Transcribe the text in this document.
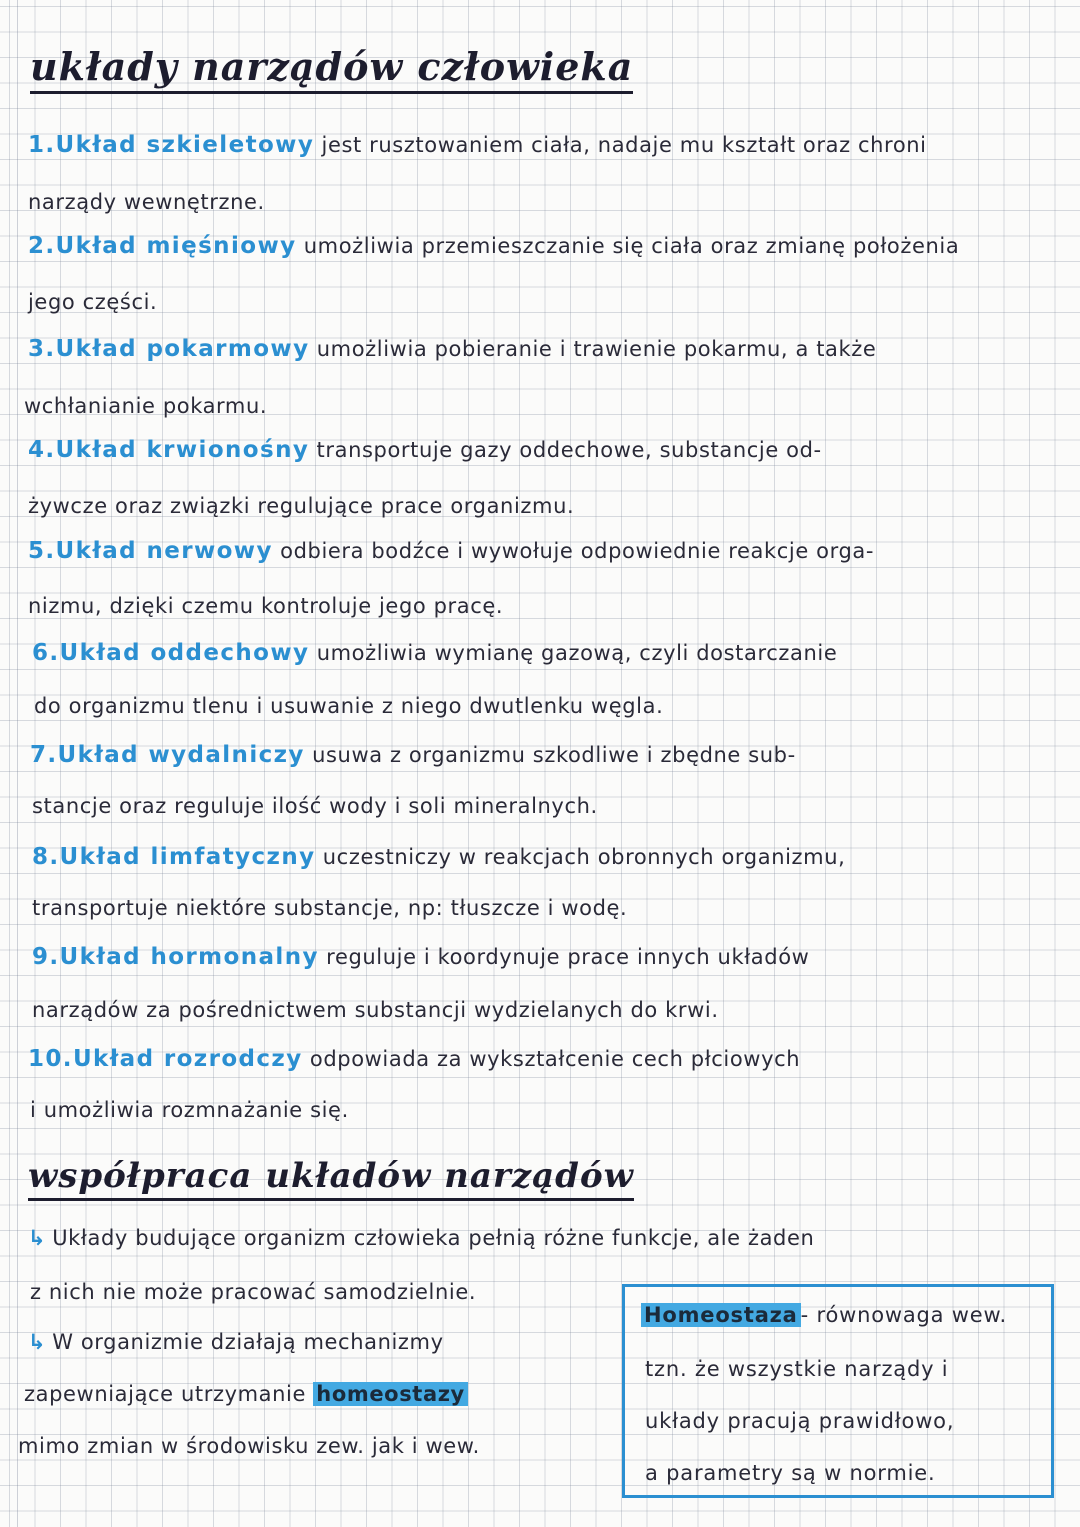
układy narządów człowieka
1.Układ szkieletowy jest rusztowaniem ciała, nadaje mu kształt oraz chroni
narządy wewnętrzne.
2.Układ mięśniowy umożliwia przemieszczanie się ciała oraz zmianę położenia
jego części.
3.Układ pokarmowy umożliwia pobieranie i trawienie pokarmu, a także
wchłanianie pokarmu.
4.Układ krwionośny transportuje gazy oddechowe, substancje od-
żywcze oraz związki regulujące prace organizmu.
5.Układ nerwowy odbiera bodźce i wywołuje odpowiednie reakcje orga-
nizmu, dzięki czemu kontroluje jego pracę.
6.Układ oddechowy umożliwia wymianę gazową, czyli dostarczanie
do organizmu tlenu i usuwanie z niego dwutlenku węgla.
7.Układ wydalniczy usuwa z organizmu szkodliwe i zbędne sub-
stancje oraz reguluje ilość wody i soli mineralnych.
8.Układ limfatyczny uczestniczy w reakcjach obronnych organizmu,
transportuje niektóre substancje, np: tłuszcze i wodę.
9.Układ hormonalny reguluje i koordynuje prace innych układów
narządów za pośrednictwem substancji wydzielanych do krwi.
10.Układ rozrodczy odpowiada za wykształcenie cech płciowych
i umożliwia rozmnażanie się.
współpraca układów narządów
↳ Układy budujące organizm człowieka pełnią różne funkcje, ale żaden
z nich nie może pracować samodzielnie.
↳ W organizmie działają mechanizmy
zapewniające utrzymanie homeostazy
mimo zmian w środowisku zew. jak i wew.
Homeostaza - równowaga wew.
tzn. że wszystkie narządy i
układy pracują prawidłowo,
a parametry są w normie.
